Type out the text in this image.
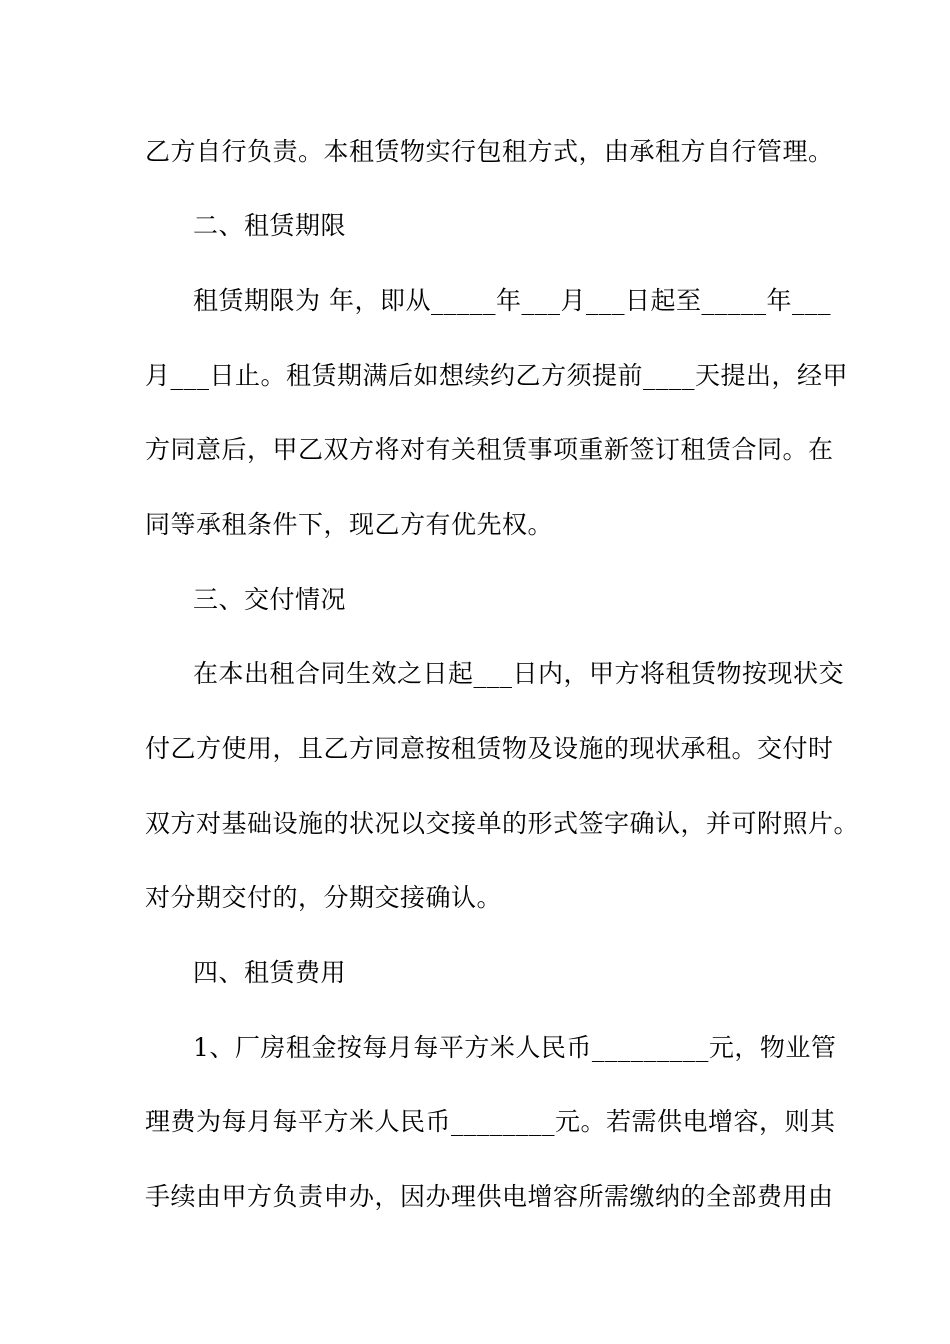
乙方自行负责。本租赁物实行包租方式，由承租方自行管理。
二、租赁期限
租赁期限为 年，即从_____年___月___日起至_____年___
月___日止。租赁期满后如想续约乙方须提前____天提出，经甲
方同意后，甲乙双方将对有关租赁事项重新签订租赁合同。在
同等承租条件下，现乙方有优先权。
三、交付情况
在本出租合同生效之日起___日内，甲方将租赁物按现状交
付乙方使用，且乙方同意按租赁物及设施的现状承租。交付时
双方对基础设施的状况以交接单的形式签字确认，并可附照片。
对分期交付的，分期交接确认。
四、租赁费用
1、厂房租金按每月每平方米人民币_________元，物业管
理费为每月每平方米人民币________元。若需供电增容，则其
手续由甲方负责申办，因办理供电增容所需缴纳的全部费用由
